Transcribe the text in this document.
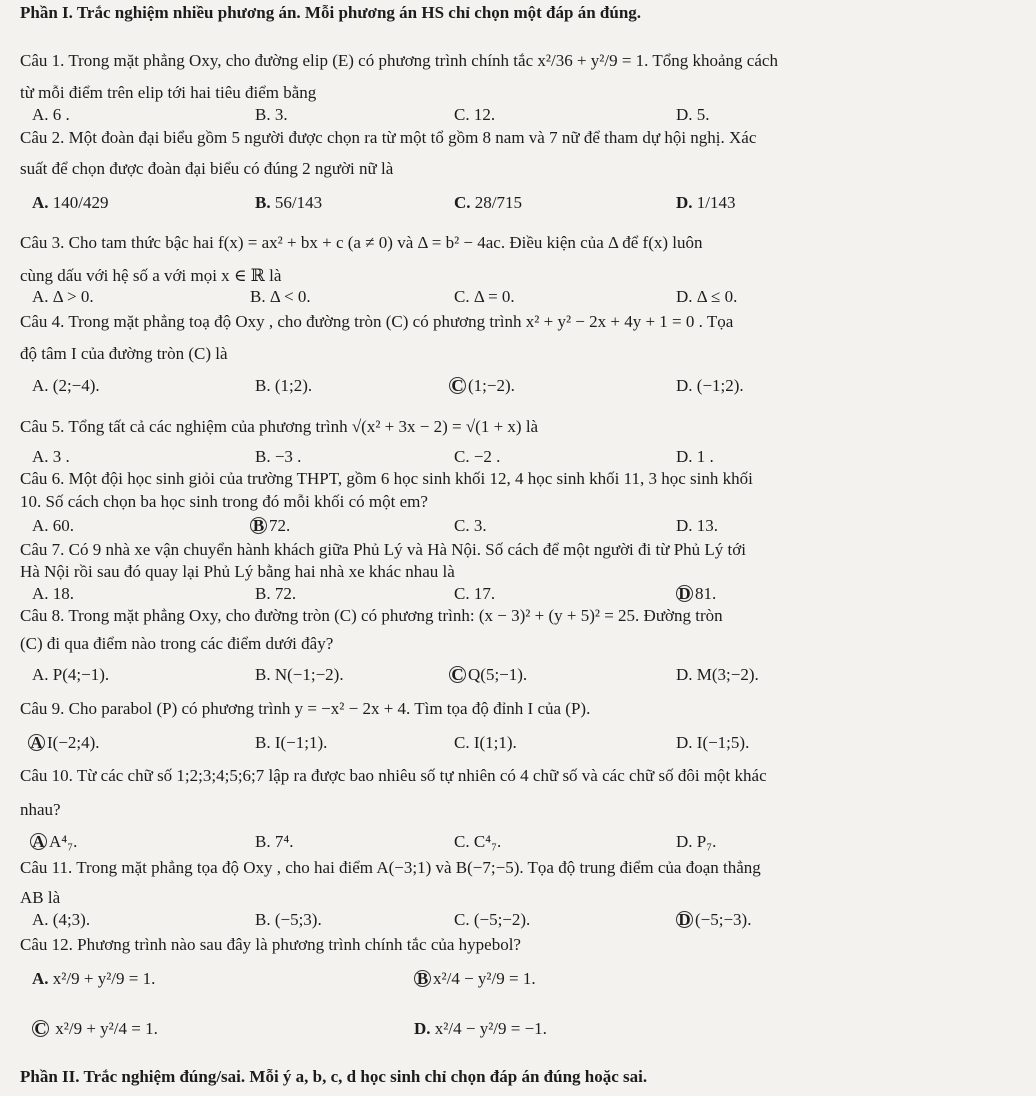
Phần I. Trắc nghiệm nhiều phương án. Mỗi phương án HS chỉ chọn một đáp án đúng.
Câu 1. Trong mặt phẳng Oxy, cho đường elip (E) có phương trình chính tắc x²/36 + y²/9 = 1. Tổng khoảng cách
từ mỗi điểm trên elip tới hai tiêu điểm bằng
A. 6 .	B. 3.	C. 12.	D. 5.
Câu 2. Một đoàn đại biểu gồm 5 người được chọn ra từ một tổ gồm 8 nam và 7 nữ để tham dự hội nghị. Xác
suất để chọn được đoàn đại biểu có đúng 2 người nữ là
A. 140/429	B. 56/143	C. 28/715	D. 1/143
Câu 3. Cho tam thức bậc hai f(x) = ax² + bx + c (a ≠ 0) và Δ = b² − 4ac. Điều kiện của Δ để f(x) luôn
cùng dấu với hệ số a với mọi x ∈ ℝ là
A. Δ > 0.	B. Δ < 0.	C. Δ = 0.	D. Δ ≤ 0.
Câu 4. Trong mặt phẳng toạ độ Oxy , cho đường tròn (C) có phương trình x² + y² − 2x + 4y + 1 = 0 . Tọa
độ tâm I của đường tròn (C) là
A. (2;−4).	B. (1;2).	C (1;−2).	D. (−1;2).
Câu 5. Tổng tất cả các nghiệm của phương trình √(x² + 3x − 2) = √(1 + x) là
A. 3 .	B. −3 .	C. −2 .	D. 1 .
Câu 6. Một đội học sinh giỏi của trường THPT, gồm 6 học sinh khối 12, 4 học sinh khối 11, 3 học sinh khối
10. Số cách chọn ba học sinh trong đó mỗi khối có một em?
A. 60.	B 72.	C. 3.	D. 13.
Câu 7. Có 9 nhà xe vận chuyển hành khách giữa Phủ Lý và Hà Nội. Số cách để một người đi từ Phủ Lý tới
Hà Nội rồi sau đó quay lại Phủ Lý bằng hai nhà xe khác nhau là
A. 18.	B. 72.	C. 17.	D 81.
Câu 8. Trong mặt phẳng Oxy, cho đường tròn (C) có phương trình: (x − 3)² + (y + 5)² = 25. Đường tròn
(C) đi qua điểm nào trong các điểm dưới đây?
A. P(4;−1).	B. N(−1;−2).	C Q(5;−1).	D. M(3;−2).
Câu 9. Cho parabol (P) có phương trình y = −x² − 2x + 4. Tìm tọa độ đỉnh I của (P).
A I(−2;4).	B. I(−1;1).	C. I(1;1).	D. I(−1;5).
Câu 10. Từ các chữ số 1;2;3;4;5;6;7 lập ra được bao nhiêu số tự nhiên có 4 chữ số và các chữ số đôi một khác
nhau?
A A⁴₇.	B. 7⁴.	C. C⁴₇.	D. P₇.
Câu 11. Trong mặt phẳng tọa độ Oxy , cho hai điểm A(−3;1) và B(−7;−5). Tọa độ trung điểm của đoạn thẳng
AB là
A. (4;3).	B. (−5;3).	C. (−5;−2).	D (−5;−3).
Câu 12. Phương trình nào sau đây là phương trình chính tắc của hypebol?
A. x²/9 + y²/9 = 1.	B x²/4 − y²/9 = 1.
C x²/9 + y²/4 = 1.	D. x²/4 − y²/9 = −1.
Phần II. Trắc nghiệm đúng/sai. Mỗi ý a, b, c, d học sinh chỉ chọn đáp án đúng hoặc sai.
